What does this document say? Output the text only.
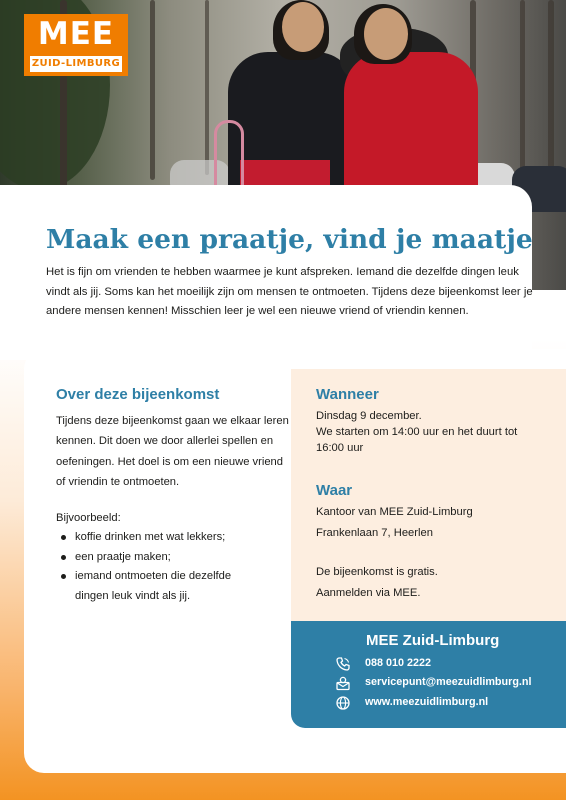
MEE
ZUID-LIMBURG
Maak een praatje, vind je maatje

Het is fijn om vrienden te hebben waarmee je kunt afspreken. Iemand die dezelfde dingen leuk vindt als jij. Soms kan het moeilijk zijn om mensen te ontmoeten. Tijdens deze bijeenkomst leer je andere mensen kennen! Misschien leer je wel een nieuwe vriend of vriendin kennen.

Over deze bijeenkomst

Tijdens deze bijeenkomst gaan we elkaar leren kennen. Dit doen we door allerlei spellen en oefeningen. Het doel is om een nieuwe vriend of vriendin te ontmoeten.

Bijvoorbeeld:

koffie drinken met wat lekkers;
een praatje maken;
iemand ontmoeten die dezelfde dingen leuk vindt als jij.
Wanneer

Dinsdag 9 december.

We starten om 14:00 uur en het duurt tot 16:00 uur

Waar

Kantoor van MEE Zuid-Limburg

Frankenlaan 7, Heerlen

De bijeenkomst is gratis.

Aanmelden via MEE.

MEE Zuid-Limburg
088 010 2222
servicepunt@meezuidlimburg.nl
www.meezuidlimburg.nl
